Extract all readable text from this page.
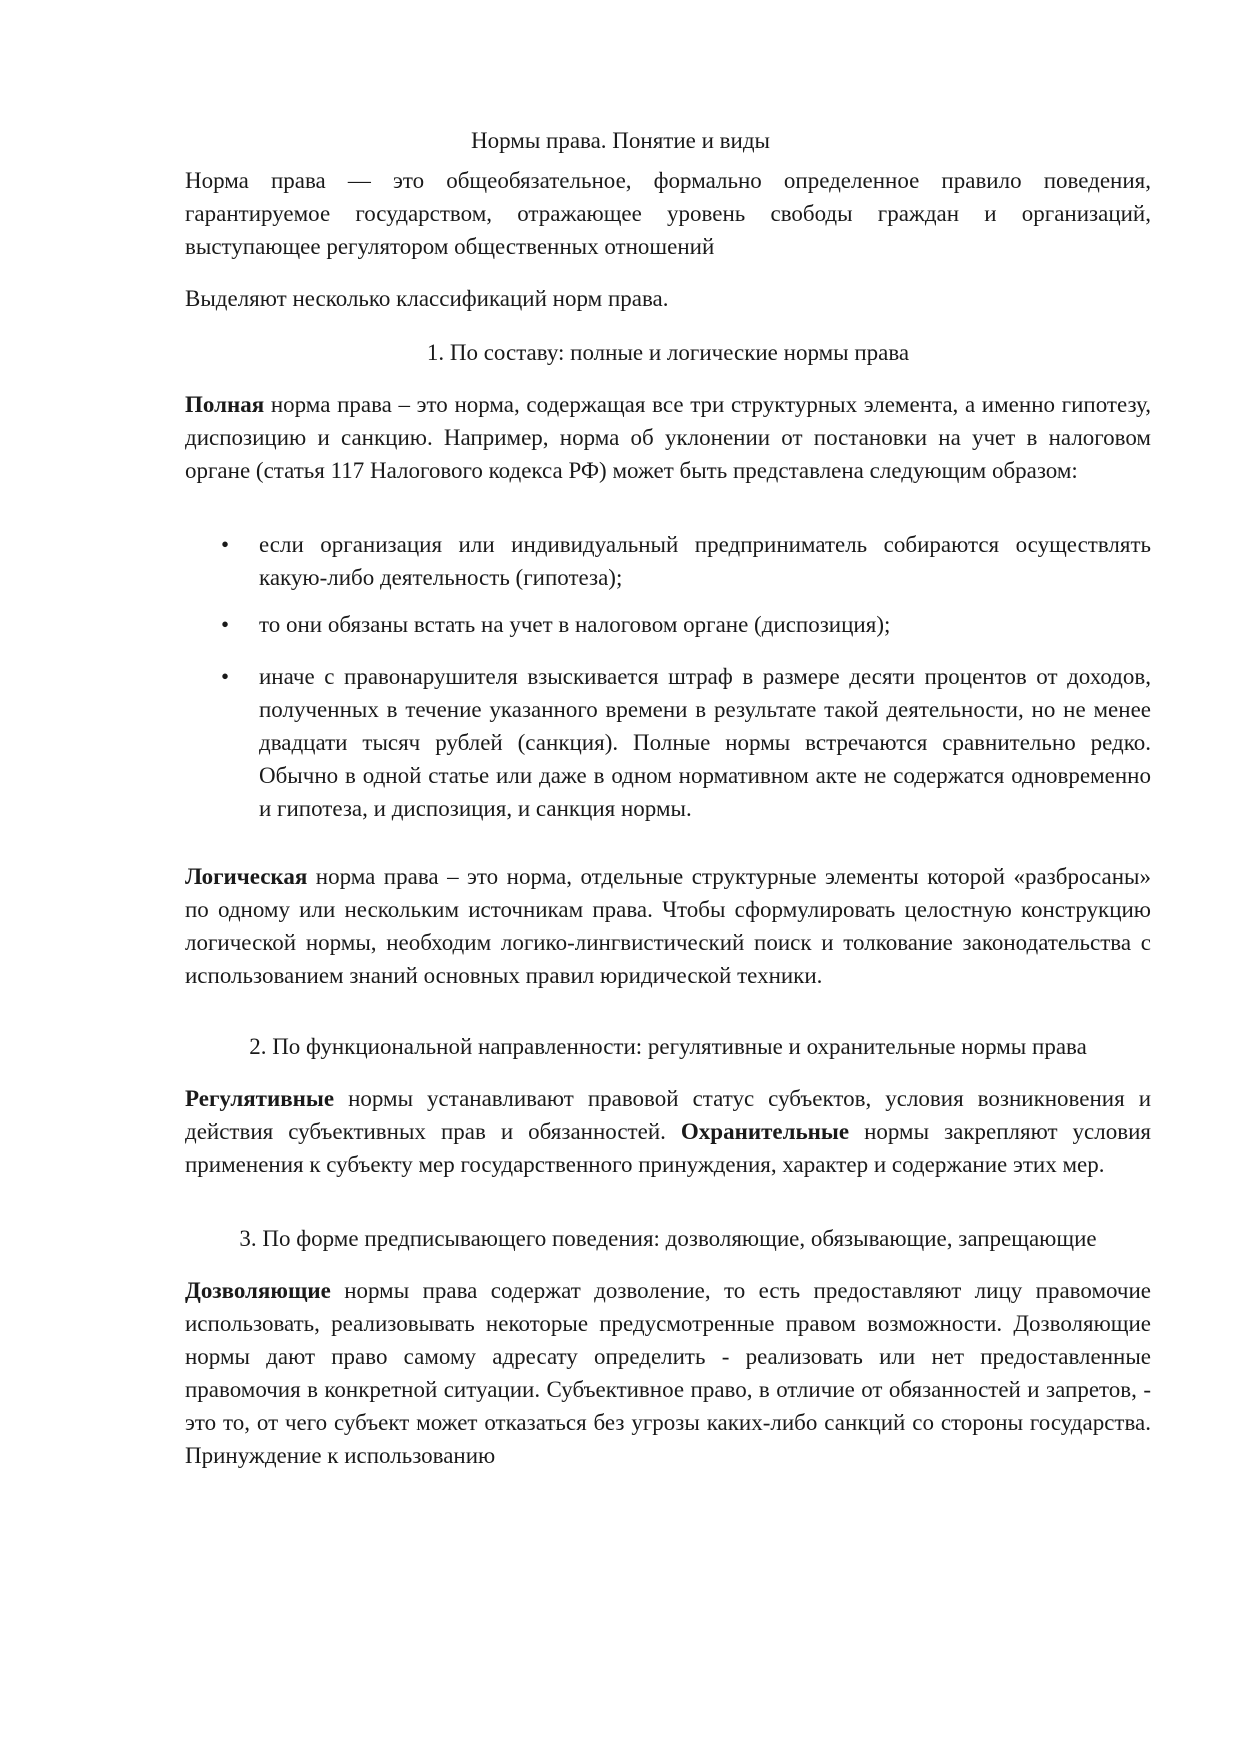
Нормы права. Понятие и виды

Норма права — это общеобязательное, формально определенное правило поведения, гарантируемое государством, отражающее уровень свободы граждан и организаций, выступающее регулятором общественных отношений

Выделяют несколько классификаций норм права.

1. По составу: полные и логические нормы права

Полная норма права – это норма, содержащая все три структурных элемента, а именно гипотезу, диспозицию и санкцию. Например, норма об уклонении от постановки на учет в налоговом органе (статья 117 Налогового кодекса РФ) может быть представлена следующим образом:

•	если организация или индивидуальный предприниматель собираются осуществлять какую-либо деятельность (гипотеза);
•	то они обязаны встать на учет в налоговом органе (диспозиция);
•	иначе с правонарушителя взыскивается штраф в размере десяти процентов от доходов, полученных в течение указанного времени в результате такой деятельности, но не менее двадцати тысяч рублей (санкция). Полные нормы встречаются сравнительно редко. Обычно в одной статье или даже в одном нормативном акте не содержатся одновременно и гипотеза, и диспозиция, и санкция нормы.

Логическая норма права – это норма, отдельные структурные элементы которой «разбросаны» по одному или нескольким источникам права. Чтобы сформулировать целостную конструкцию логической нормы, необходим логико-лингвистический поиск и толкование законодательства с использованием знаний основных правил юридической техники.

2. По функциональной направленности: регулятивные и охранительные нормы права

Регулятивные нормы устанавливают правовой статус субъектов, условия возникновения и действия субъективных прав и обязанностей. Охранительные нормы закрепляют условия применения к субъекту мер государственного принуждения, характер и содержание этих мер.

3. По форме предписывающего поведения: дозволяющие, обязывающие, запрещающие

Дозволяющие нормы права содержат дозволение, то есть предоставляют лицу правомочие использовать, реализовывать некоторые предусмотренные правом возможности. Дозволяющие нормы дают право самому адресату определить - реализовать или нет предоставленные правомочия в конкретной ситуации. Субъективное право, в отличие от обязанностей и запретов, - это то, от чего субъект может отказаться без угрозы каких-либо санкций со стороны государства. Принуждение к использованию
